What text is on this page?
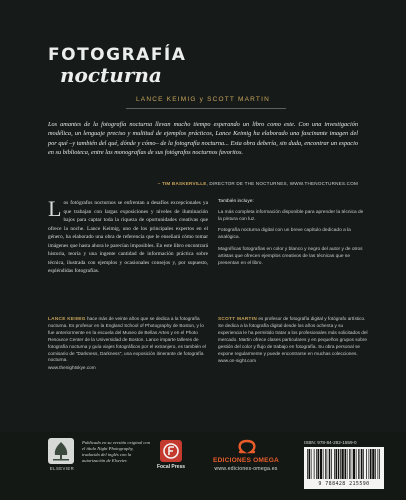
FOTOGRAFÍA
nocturna
LANCE KEIMIG y SCOTT MARTIN
Los amantes de la fotografía nocturna llevan mucho tiempo esperando un libro como este. Con una investigación modélica, un lenguaje preciso y multitud de ejemplos prácticos, Lance Keimig ha elaborado una fascinante imagen del por qué –y también del qué, dónde y cómo– de la fotografía nocturna... Esta obra debería, sin duda, encontrar un espacio en su biblioteca, entre las monografías de sus fotógrafos nocturnos favoritos.
– TIM BASKERVILLE, DIRECTOR DE THE NOCTURNES, WWW.THENOCTURNES.COM
Los fotógrafos nocturnos se enfrentan a desafíos excepcionales ya que trabajan con largas exposiciones y niveles de iluminación bajos para captar toda la riqueza de oportunidades creativas que ofrece la noche. Lance Keimig, uno de los principales expertos en el género, ha elaborado una obra de referencia que le enseñará cómo tomar imágenes que hasta ahora le parecían imposibles. En este libro encontrará historia, teoría y una ingente cantidad de información práctica sobre técnica, ilustrada con ejemplos y ocasionales consejos y, por supuesto, espléndidas fotografías.
También incluye:

La más completa información disponible para aprender la técnica de la pintura con luz.

Fotografía nocturna digital con un breve capítulo dedicado a la analógica.

Magníficas fotografías en color y blanco y negro del autor y de otros artistas que ofrecen ejemplos creativos de las técnicas que se presentan en el libro.

LANCE KEIMIG hace más de veinte años que se dedica a la fotografía nocturna. Es profesor en la England School of Photography de Boston, y lo fue anteriormente en la escuela del Museo de Bellas Artes y en el Photo Resource Center de la Universidad de Boston. Lance imparte talleres de fotografía nocturna y guía viajes fotográficos por el extranjero, es también el comisario de "Darkness, Darkness", una exposición itinerante de fotografía nocturna.
www.thenightskye.com
SCOTT MARTIN es profesor de fotografía digital y fotógrafo artístico. Se dedica a la fotografía digital desde los años ochenta y su experiencia le ha permitido tratar a los profesionales más solicitados del mercado. Martin ofrece clases particulares y en pequeños grupos sobre gestión del color y flujo de trabajo en fotografía. Su obra personal se expone regularmente y puede encontrarse en muchas colecciones.
www.on-sight.com
ELSEVIER
Publicado en su versión original con el título Night Photography, traducido del inglés con la autorización de Elsevier.
Focal Press
EDICIONES OMEGA
www.ediciones-omega.es
ISBN: 978-84-282-1559-0
9 788428 215590
